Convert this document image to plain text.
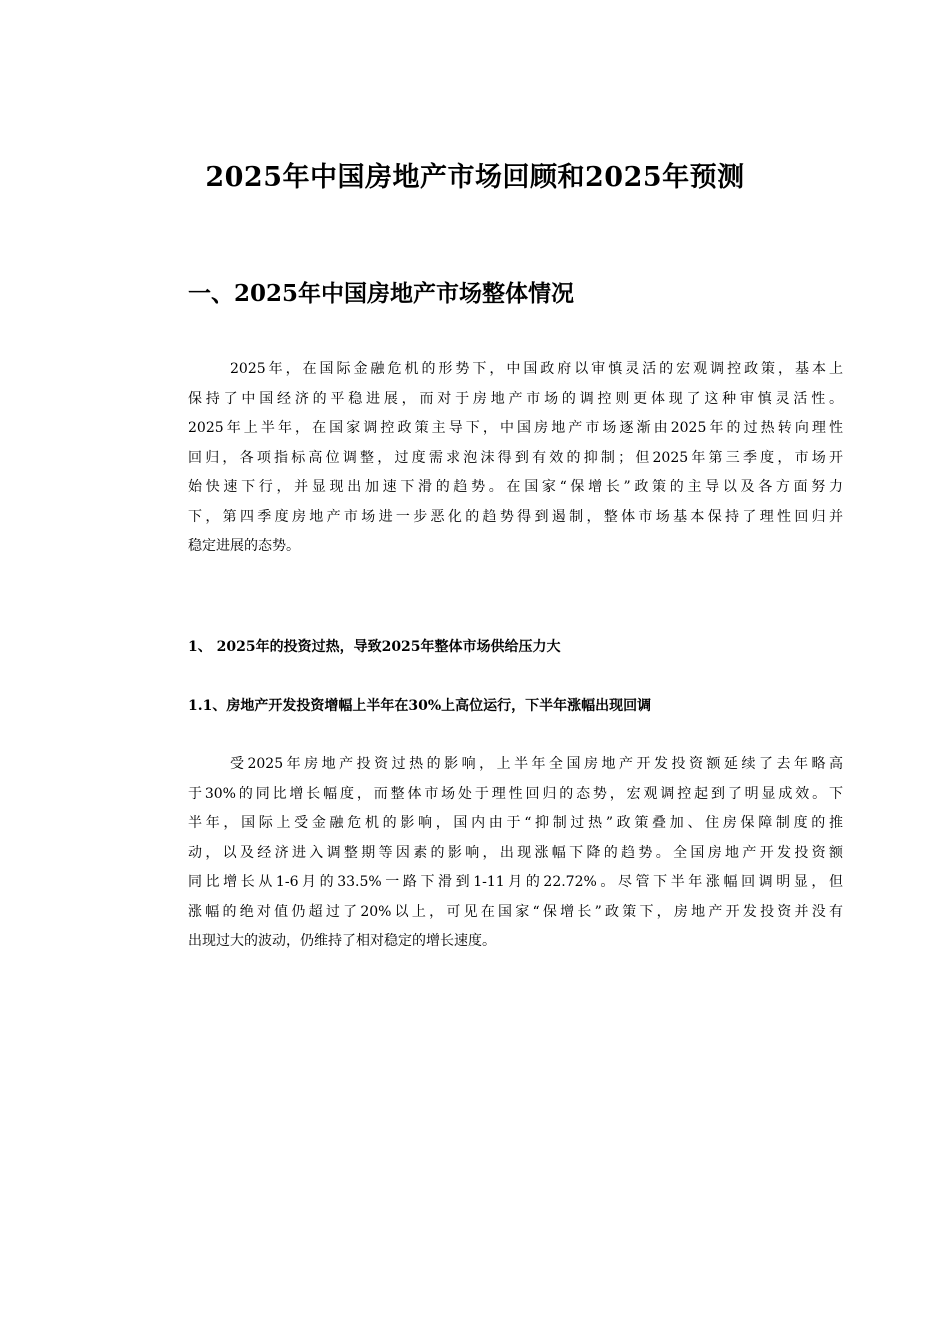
2025年中国房地产市场回顾和2025年预测
一、2025年中国房地产市场整体情况

2025年，在国际金融危机的形势下，中国政府以审慎灵活的宏观调控政策，基本上
保持了中国经济的平稳进展，而对于房地产市场的调控则更体现了这种审慎灵活性。
2025年上半年，在国家调控政策主导下，中国房地产市场逐渐由2025年的过热转向理性
回归，各项指标高位调整，过度需求泡沫得到有效的抑制；但2025年第三季度，市场开
始快速下行，并显现出加速下滑的趋势。在国家“保增长”政策的主导以及各方面努力
下，第四季度房地产市场进一步恶化的趋势得到遏制，整体市场基本保持了理性回归并
稳定进展的态势。

1、 2025年的投资过热，导致2025年整体市场供给压力大
1.1、房地产开发投资增幅上半年在30%上高位运行，下半年涨幅出现回调

受2025年房地产投资过热的影响，上半年全国房地产开发投资额延续了去年略高
于30%的同比增长幅度，而整体市场处于理性回归的态势，宏观调控起到了明显成效。下
半年，国际上受金融危机的影响，国内由于“抑制过热”政策叠加、住房保障制度的推
动，以及经济进入调整期等因素的影响，出现涨幅下降的趋势。全国房地产开发投资额
同比增长从1-6月的33.5%一路下滑到1-11月的22.72%。尽管下半年涨幅回调明显，但
涨幅的绝对值仍超过了20%以上，可见在国家“保增长”政策下，房地产开发投资并没有
出现过大的波动，仍维持了相对稳定的增长速度。
